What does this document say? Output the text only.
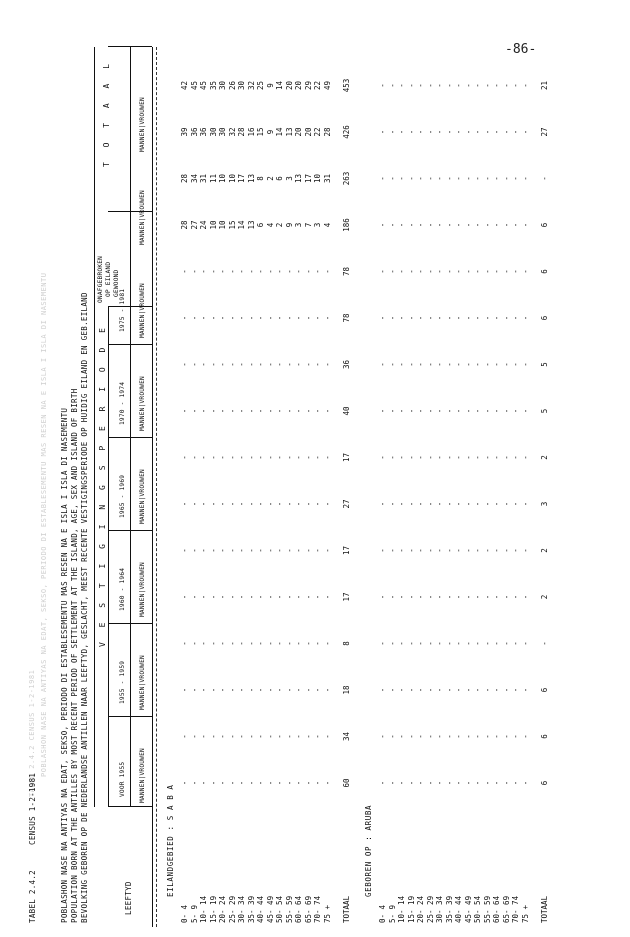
-86-
TABEL 2.4.2 CENSUS 1-2-1981 POBLASHON NASE NA ANTIYAS NA EDAT, SEKSO, PERIODO DI ESTABLESEMENTU MAS RESEN NA E ISLA I ISLA DI NASEMENTU
TABEL 2.4.2
CENSUS 1-2-1981	POBLASHON NASE NA ANTIYAS NA EDAT, SEKSO, PERIODO DI ESTABLESEMENTU MAS RESEN NA E ISLA I ISLA DI NASEMENTU POPULATION BORN AT THE ANTILLES BY MOST RECENT PERIOD OF SETTLEMENT AT THE ISLAND, AGE, SEX AND ISLAND OF BIRTH BEVOLKING GEBOREN OP DE NEDERLANDSE ANTILLEN NAAR LEEFTYD, GESLACHT, MEEST RECENTE VESTIGINGSPERIODE OP HUIDIG EILAND EN GEB.EILAND V E S T I G I N G S P E R I O D E
ONAFGEBROKEN OP EILAND GEWOOND
T O T A A L
LEEFTYD
VOOR 1955
1955 - 1959
1960 - 1964
1965 - 1969
1970 - 1974
1975 - 1981
MANNEN|VROUWEN
MANNEN|VROUWEN
MANNEN|VROUWEN
MANNEN|VROUWEN
MANNEN|VROUWEN
MANNEN|VROUWEN
MANNEN|VROUWEN
MANNEN|VROUWEN
EILANDGEBIED : S A B A
0- 4
-
-
-
-
-
-
-
-
-
-
-
-
28
28
39
42
5- 9
-
-
-
-
-
-
-
-
-
-
-
-
27
34
36
45
10- 14
-
-
-
-
-
-
-
-
-
-
-
-
24
31
36
45
15- 19
-
-
-
-
-
-
-
-
-
-
-
-
10
11
30
35
20- 24
-
-
-
-
-
-
-
-
-
-
-
-
10
10
30
30
25- 29
-
-
-
-
-
-
-
-
-
-
-
-
15
10
32
26
30- 34
-
-
-
-
-
-
-
-
-
-
-
-
14
17
28
30
35- 39
-
-
-
-
-
-
-
-
-
-
-
-
13
13
16
32
40- 44
-
-
-
-
-
-
-
-
-
-
-
-
6
8
15
25
45- 49
-
-
-
-
-
-
-
-
-
-
-
-
4
2
9
9
50- 54
-
-
-
-
-
-
-
-
-
-
-
-
2
6
14
14
55- 59
-
-
-
-
-
-
-
-
-
-
-
-
9
3
13
20
60- 64
-
-
-
-
-
-
-
-
-
-
-
-
3
13
20
20
65- 69
-
-
-
-
-
-
-
-
-
-
-
-
7
17
20
29
70- 74
-
-
-
-
-
-
-
-
-
-
-
-
3
10
22
22
75 +
-
-
-
-
-
-
-
-
-
-
-
-
4
31
28
49
TOTAAL
60
34
18
8
17
17
27
17
40
36
78
78
186
263
426
453
GEBOREN OP : ARUBA
0- 4
-
-
-
-
-
-
-
-
-
-
-
-
-
-
-
-
5- 9
-
-
-
-
-
-
-
-
-
-
-
-
-
-
-
-
10- 14
-
-
-
-
-
-
-
-
-
-
-
-
-
-
-
-
15- 19
-
-
-
-
-
-
-
-
-
-
-
-
-
-
-
-
20- 24
-
-
-
-
-
-
-
-
-
-
-
-
-
-
-
-
25- 29
-
-
-
-
-
-
-
-
-
-
-
-
-
-
-
-
30- 34
-
-
-
-
-
-
-
-
-
-
-
-
-
-
-
-
35- 39
-
-
-
-
-
-
-
-
-
-
-
-
-
-
-
-
40- 44
-
-
-
-
-
-
-
-
-
-
-
-
-
-
-
-
45- 49
-
-
-
-
-
-
-
-
-
-
-
-
-
-
-
-
50- 54
-
-
-
-
-
-
-
-
-
-
-
-
-
-
-
-
55- 59
-
-
-
-
-
-
-
-
-
-
-
-
-
-
-
-
60- 64
-
-
-
-
-
-
-
-
-
-
-
-
-
-
-
-
65- 69
-
-
-
-
-
-
-
-
-
-
-
-
-
-
-
-
70- 74
-
-
-
-
-
-
-
-
-
-
-
-
-
-
-
-
75 +
-
-
-
-
-
-
-
-
-
-
-
-
-
-
-
-
TOTAAL
6
6
6
-
2
2
3
2
5
5
6
6
6
-
27
21
